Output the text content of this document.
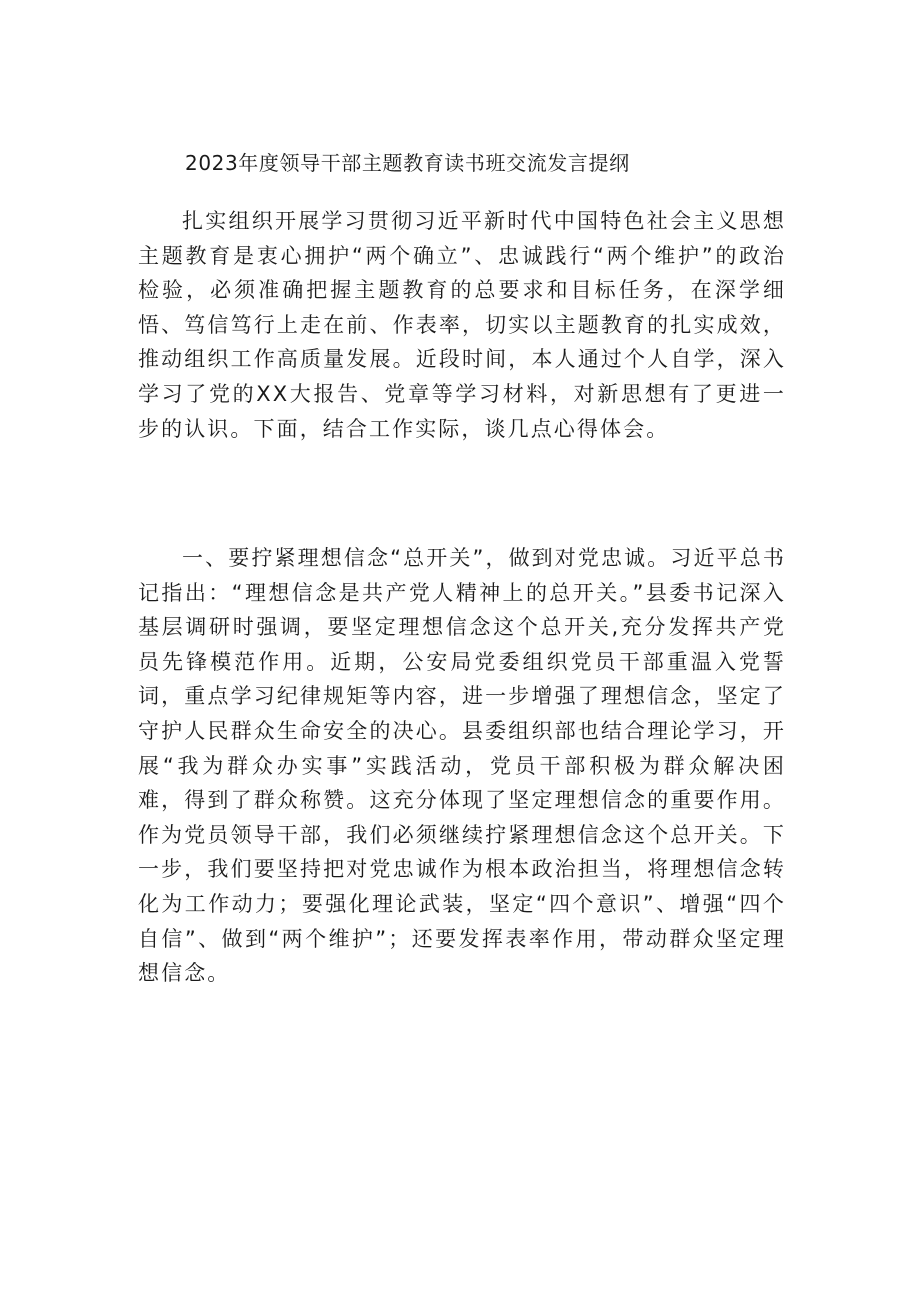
2023年度领导干部主题教育读书班交流发言提纲

扎实组织开展学习贯彻习近平新时代中国特色社会主义思想主题教育是衷心拥护“两个确立”、忠诚践行“两个维护”的政治检验，必须准确把握主题教育的总要求和目标任务，在深学细悟、笃信笃行上走在前、作表率，切实以主题教育的扎实成效，推动组织工作高质量发展。近段时间，本人通过个人自学，深入学习了党的XX大报告、党章等学习材料，对新思想有了更进一步的认识。下面，结合工作实际，谈几点心得体会。

一、要拧紧理想信念“总开关”，做到对党忠诚。习近平总书记指出：“理想信念是共产党人精神上的总开关。”县委书记深入基层调研时强调，要坚定理想信念这个总开关,充分发挥共产党员先锋模范作用。近期，公安局党委组织党员干部重温入党誓词，重点学习纪律规矩等内容，进一步增强了理想信念，坚定了守护人民群众生命安全的决心。县委组织部也结合理论学习，开展“我为群众办实事”实践活动，党员干部积极为群众解决困难，得到了群众称赞。这充分体现了坚定理想信念的重要作用。作为党员领导干部，我们必须继续拧紧理想信念这个总开关。下一步，我们要坚持把对党忠诚作为根本政治担当，将理想信念转化为工作动力；要强化理论武装，坚定“四个意识”、增强“四个自信”、做到“两个维护”；还要发挥表率作用，带动群众坚定理想信念。
